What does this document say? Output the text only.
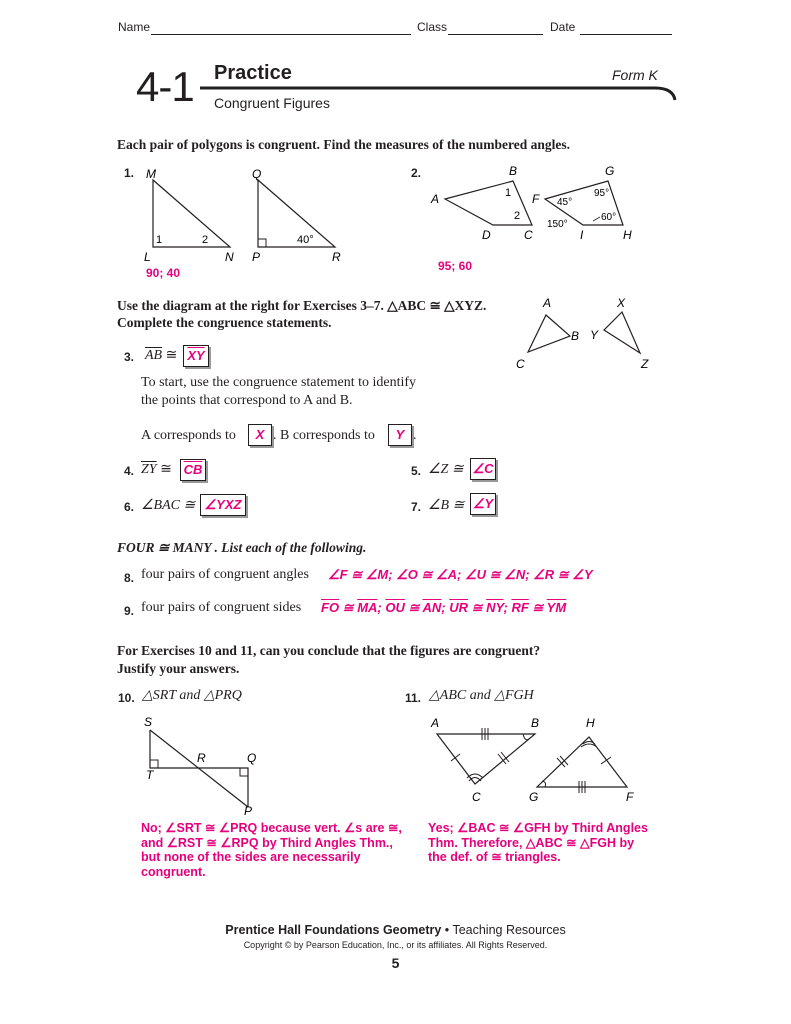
Name	Class	Date
4-1 Practice	Form K
Congruent Figures
Each pair of polygons is congruent. Find the measures of the numbered angles.
1. M
L	N
1	2
Q
P	R
40°
90; 40
2.
A
B
C
D
1
2
F
G
H
I
45°
95°
150°
60°
95; 60
Use the diagram at the right for Exercises 3–7. △ABC ≅ △XYZ.
Complete the congruence statements.
A
B
C
X
Y
Z
3. $\overline{AB}$ ≅ $\overline{XY}$
To start, use the congruence statement to identify
the points that correspond to A and B.
A corresponds to	X . B corresponds to	Y .
4. $\overline{ZY}$ ≅ $\overline{CB}$	5. ∠Z ≅ ∠C
6. ∠BAC ≅ ∠YXZ	7. ∠B ≅ ∠Y
FOUR ≅ MANY . List each of the following.
8. four pairs of congruent angles ∠F ≅ ∠M; ∠O ≅ ∠A; ∠U ≅ ∠N; ∠R ≅ ∠Y
9. four pairs of congruent sides $\overline{FO}$ ≅ $\overline{MA}$; $\overline{OU}$ ≅ $\overline{AN}$; $\overline{UR}$ ≅ $\overline{NY}$; $\overline{RF}$ ≅ $\overline{YM}$
For Exercises 10 and 11, can you conclude that the figures are congruent?
Justify your answers.
10. △SRT and △PRQ
S
T
R	Q
P
No; ∠SRT ≅ ∠PRQ because vert. ∠s are ≅,
and ∠RST ≅ ∠RPQ by Third Angles Thm.,
but none of the sides are necessarily
congruent.
11. △ABC and △FGH
A	B
C
H
G	F
Yes; ∠BAC ≅ ∠GFH by Third Angles
Thm. Therefore, △ABC ≅ △FGH by
the def. of ≅ triangles.
Prentice Hall Foundations Geometry • Teaching Resources
Copyright © by Pearson Education, Inc., or its affiliates. All Rights Reserved.
5
